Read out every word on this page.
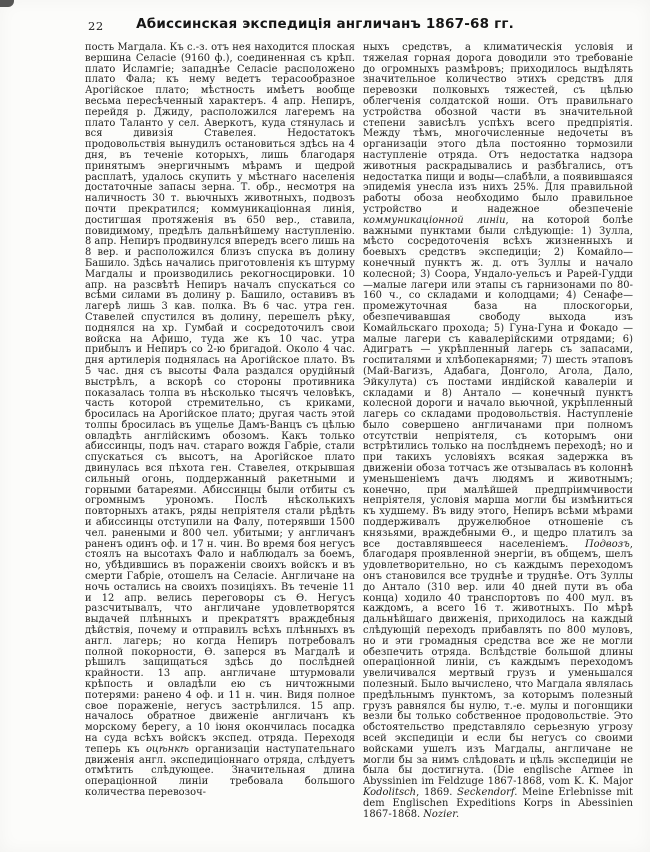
22	Абиссинская экспедиція англичанъ 1867-68 гг.
пость Магдала. Къ с.-з. отъ нея находится плоская вершина Селасіе (9160 ф.), соединенная съ крѣп. плато Исламгіе; западнѣе Селасіе расположено плато Фала; къ нему ведетъ терасообразное Арогійское плато; мѣстность имѣетъ вообще весьма пересѣченный характеръ. 4 апр. Непиръ, перейдя р. Джиду, расположился лагеремъ на плато Таланто у сел. Аверкотъ, куда стянулась и вся дивизія Ставелея. Недостатокъ продовольствія вынудилъ остановиться здѣсь на 4 дня, въ теченіе которыхъ, лишь благодаря принятымъ энергичнымъ мѣрамъ и щедрой расплатѣ, удалось скупить у мѣстнаго населенія достаточные запасы зерна. Т. обр., несмотря на наличность 30 т. вьючныхъ животныхъ, подвозъ почти прекратился; коммуникаціонная линія, достигшая протяженія въ 650 вер., ставила, повидимому, предѣлъ дальнѣйшему наступленію. 8 апр. Непиръ продвинулся впередъ всего лишь на 8 вер. и расположился близъ спуска въ долину Башило. Здѣсь начались приготовленія къ штурму Магдалы и производились рекогносцировки. 10 апр. на разсвѣтѣ Непиръ началъ спускаться со всѣми силами въ долину р. Башило, оставивъ въ лагерѣ лишь 3 кав. полка. Въ 6 час. утра ген. Ставелей спустился въ долину, перешелъ рѣку, поднялся на хр. Гумбай и сосредоточилъ свои войска на Афишо, туда же къ 10 час. утра прибылъ и Непиръ со 2-ю бригадой. Около 4 час. дня артилерія поднялась на Арогійское плато. Въ 5 час. дня съ высоты Фала раздался орудійный выстрѣлъ, а вскорѣ со стороны противника показалась толпа въ нѣсколько тысячъ человѣкъ, часть которой стремительно, съ криками, бросилась на Арогійское плато; другая часть этой толпы бросилась въ ущелье Дамъ-Ванцъ съ цѣлью овладѣть англійскимъ обозомъ. Какъ только абиссинцы, подъ нач. стараго вождя Габріе, стали спускаться съ высотъ, на Арогійское плато двинулась вся пѣхота ген. Ставелея, открывшая сильный огонь, поддержанный ракетными и горными батареями. Абиссинцы были отбиты съ огромнымъ урономъ. Послѣ нѣсколькихъ повторныхъ атакъ, ряды непріятеля стали рѣдѣть и абиссинцы отступили на Фалу, потерявши 1500 чел. ранеными и 800 чел. убитыми; у англичанъ раненъ одинъ оф. и 17 н. чин. Во время боя негусъ стоялъ на высотахъ Фало и наблюдалъ за боемъ, но, убѣдившись въ пораженіи своихъ войскъ и въ смерти Габріе, отошелъ на Селасіе. Англичане на ночь остались на своихъ позиціяхъ. Въ теченіе 11 и 12 апр. велись переговоры съ Ѳ. Негусъ разсчитывалъ, что англичане удовлетворятся выдачей плѣнныхъ и прекратятъ враждебныя дѣйствія, почему и отправилъ всѣхъ плѣнныхъ въ англ. лагерь; но когда Непиръ потребовалъ полной покорности, Ѳ. заперся въ Магдалѣ и рѣшилъ защищаться здѣсь до послѣдней крайности. 13 апр. англичане штурмовали крѣпость и овладѣли ею съ ничтожными потерями: ранено 4 оф. и 11 н. чин. Видя полное свое пораженіе, негусъ застрѣлился. 15 апр. началось обратное движеніе англичанъ къ морскому берегу, а 10 іюня окончилась посадка на суда всѣхъ войскъ экспед. отряда. Переходя теперь къ оцѣнкѣ организаціи наступательнаго движенія англ. экспедиціоннаго отряда, слѣдуетъ отмѣтить слѣдующее. Значительная длина операціонной линіи требовала большого количества перевозоч-
ныхъ средствъ, а климатическія условія и тяжелая горная дорога доводили это требованіе до огромныхъ размѣровъ; приходилось выдѣлять значительное количество этихъ средствъ для перевозки полковыхъ тяжестей, съ цѣлью облегченія солдатской ноши. Отъ правильнаго устройства обозной части въ значительной степени зависѣлъ успѣхъ всего предпріятія. Между тѣмъ, многочисленные недочеты въ организаціи этого дѣла постоянно тормозили наступленіе отряда. Отъ недостатка надзора животныя раскрадывались и разбѣгались, отъ недостатка пищи и воды—слабѣли, а появившаяся эпидемія унесла изъ нихъ 25%. Для правильной работы обоза необходимо было правильное устройство и надежное обезпеченіе коммуникаціонной линіи, на которой болѣе важными пунктами были слѣдующіе: 1) Зулла, мѣсто сосредоточенія всѣхъ жизненныхъ и боевыхъ средствъ экспедиціи; 2) Комайло—конечный пунктъ ж. д. отъ Зуллы и начало колесной; 3) Соора, Ундало-уельсъ и Рарей-Гудди—малые лагери или этапы съ гарнизонами по 80-160 ч., со складами и колодцами; 4) Сенафе—промежуточная база на плоскогорьи, обезпечивавшая свободу выхода изъ Комайльскаго прохода; 5) Гуна-Гуна и Фокадо — малые лагери съ кавалерійскими отрядами; 6) Адигратъ — укрѣпленный лагерь съ запасами, госпиталями и хлѣбопекарнями; 7) шесть этаповъ (Май-Вагизъ, Адабага, Донголо, Агола, Дало, Эйкулута) съ постами индійской кавалеріи и складами и 8) Антало — конечный пунктъ колесной дороги и начало вьючной, укрѣпленный лагерь со складами продовольствія. Наступленіе было совершено англичанами при полномъ отсутствіи непріятеля, съ которымъ они встрѣтились только на послѣднемъ переходѣ; но и при такихъ условіяхъ всякая задержка въ движеніи обоза тотчасъ же отзывалась въ колоннѣ уменьшеніемъ дачъ людямъ и животнымъ; конечно, при малѣйшей предпріимчивости непріятеля, условія марша могли бы измѣниться къ худшему. Въ виду этого, Непиръ всѣми мѣрами поддерживалъ дружелюбное отношеніе съ князьями, враждебными Ѳ., и щедро платилъ за все доставлявшееся населеніемъ. Подвозъ, благодаря проявленной энергіи, въ общемъ, шелъ удовлетворительно, но съ каждымъ переходомъ онъ становился все труднѣе и труднѣе. Отъ Зуллы до Антало (310 вер. или 40 дней пути въ оба конца) ходило 40 транспортовъ по 400 мул. въ каждомъ, а всего 16 т. животныхъ. По мѣрѣ дальнѣйшаго движенія, приходилось на каждый слѣдующій переходъ прибавлять по 800 муловъ, но и эти громадныя средства все же не могли обезпечить отряда. Вслѣдствіе большой длины операціонной линіи, съ каждымъ переходомъ увеличивался мертвый грузъ и уменьшался полезный. Было вычислено, что Магдала являлась предѣльнымъ пунктомъ, за которымъ полезный грузъ равнялся бы нулю, т.-е. мулы и погонщики везли бы только собственное продовольствіе. Это обстоятельство представляло серьезную угрозу всей экспедиціи и если бы негусъ со своими войсками ушелъ изъ Магдалы, англичане не могли бы за нимъ слѣдовать и цѣль экспедиціи не была бы достигнута. (Die englische Armee in Abyssinien im Feldzuge 1867-1868, vom K. K. Major Kodolitsch, 1869. Seckendorf. Meine Erlebnisse mit dem Englischen Expeditions Korps in Abessinien 1867-1868. Nozier.
